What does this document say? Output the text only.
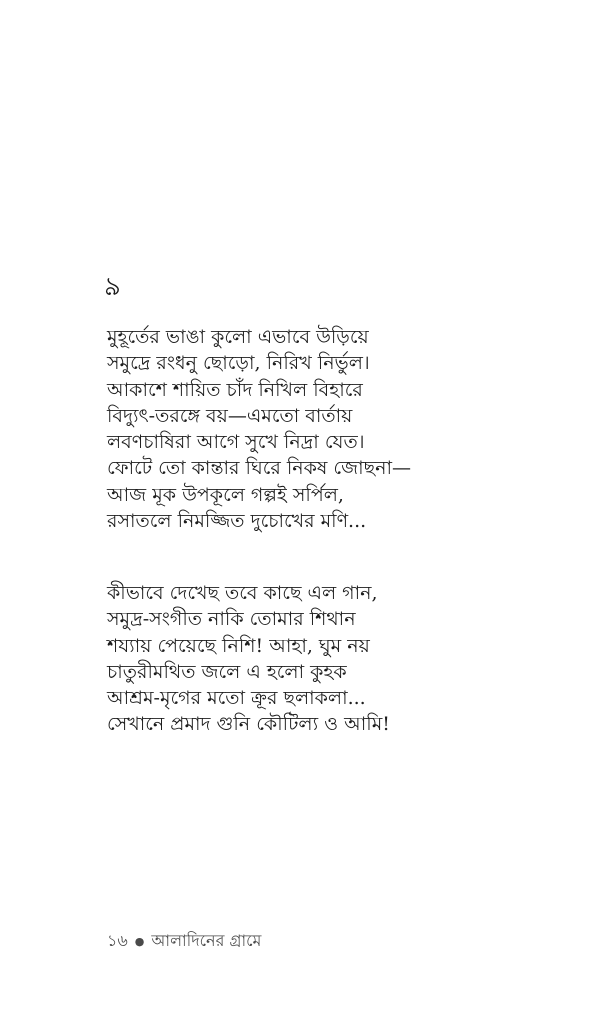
৯
মুহূর্তের ভাঙা কুলো এভাবে উড়িয়ে
সমুদ্রে রংধনু ছোড়ো, নিরিখ নির্ভুল।
আকাশে শায়িত চাঁদ নিখিল বিহারে
বিদ্যুৎ-তরঙ্গে বয়—এমতো বার্তায়
লবণচাষিরা আগে সুখে নিদ্রা যেত।
ফোটে তো কান্তার ঘিরে নিকষ জোছনা—
আজ মূক উপকূলে গল্পই সর্পিল,
রসাতলে নিমজ্জিত দুচোখের মণি...
কীভাবে দেখেছ তবে কাছে এল গান,
সমুদ্র-সংগীত নাকি তোমার শিথান
শয্যায় পেয়েছে নিশি! আহা, ঘুম নয়
চাতুরীমথিত জলে এ হলো কুহক
আশ্রম-মৃগের মতো ক্রূর ছলাকলা...
সেখানে প্রমাদ গুনি কৌটিল্য ও আমি!
১৬ ● আলাদিনের গ্রামে
